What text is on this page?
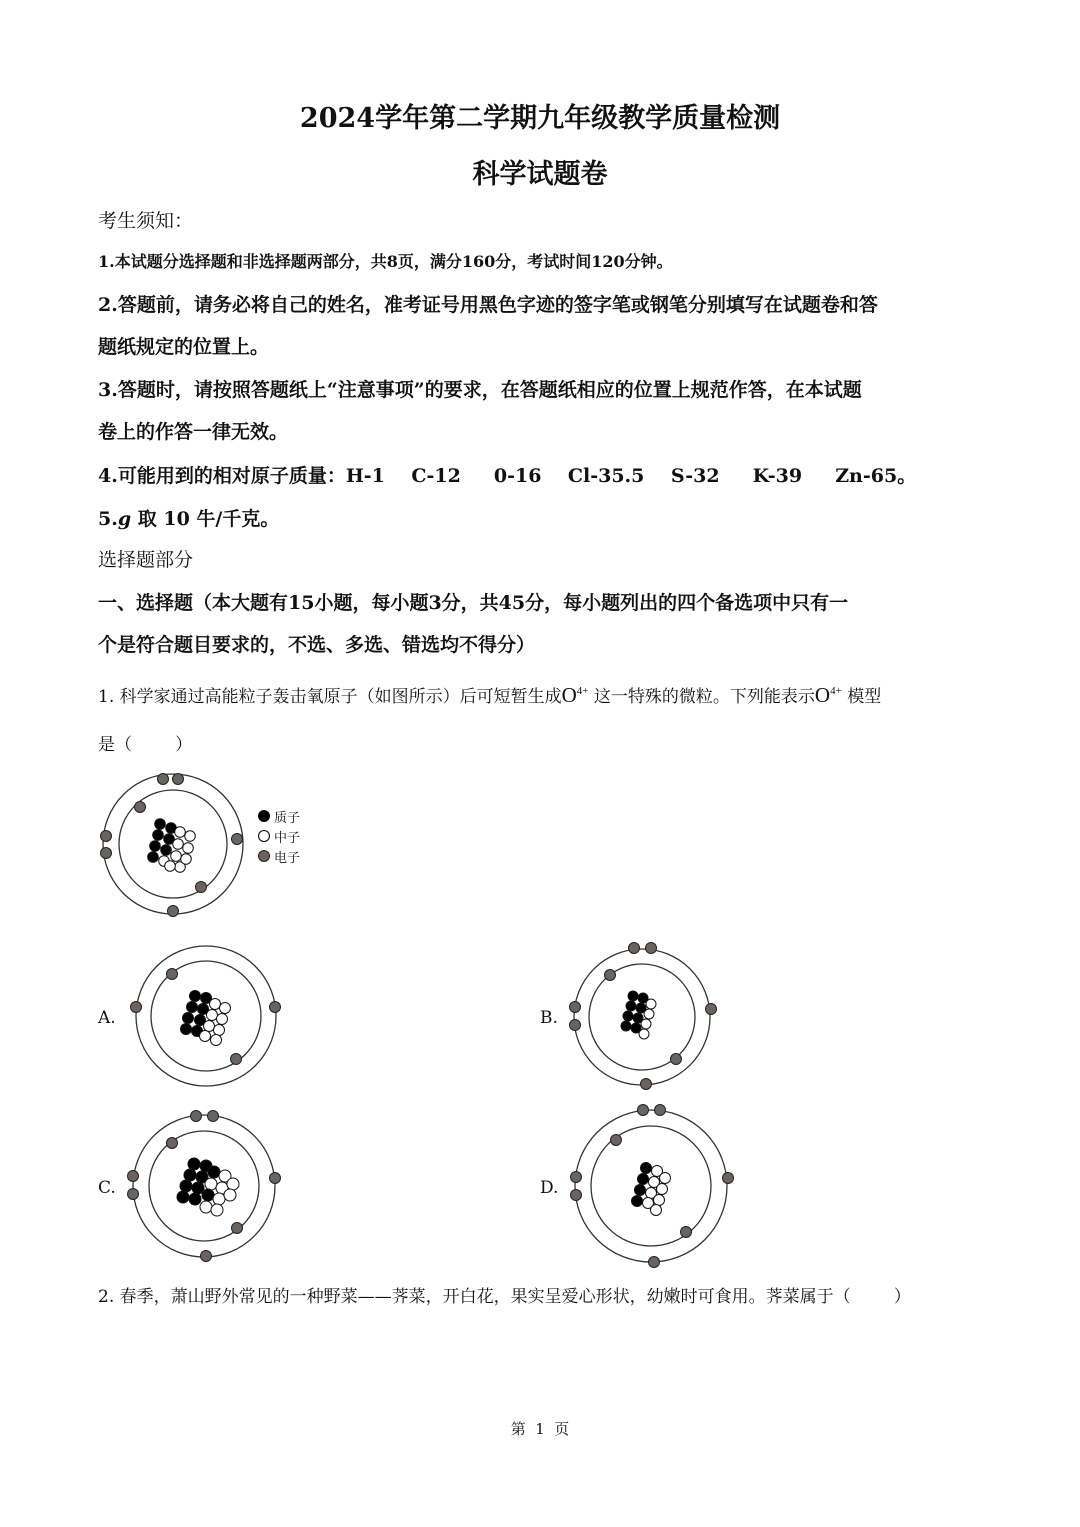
2024学年第二学期九年级教学质量检测
科学试题卷
考生须知：
1.本试题分选择题和非选择题两部分，共8页，满分160分，考试时间120分钟。
2.答题前，请务必将自己的姓名，准考证号用黑色字迹的签字笔或钢笔分别填写在试题卷和答
题纸规定的位置上。
3.答题时，请按照答题纸上“注意事项”的要求，在答题纸相应的位置上规范作答，在本试题
卷上的作答一律无效。
4.可能用到的相对原子质量：H-1    C-12     0-16    Cl-35.5    S-32     K-39     Zn-65。
5.g 取 10 牛/千克。
选择题部分
一、选择题（本大题有15小题，每小题3分，共45分，每小题列出的四个备选项中只有一
个是符合题目要求的，不选、多选、错选均不得分）
1. 科学家通过高能粒子轰击氧原子（如图所示）后可短暂生成$O^{4+}$ 这一特殊的微粒。下列能表示$O^{4+}$ 模型
是（        ）
质子
中子
电子
A.	B.
C.	D.
2. 春季，萧山野外常见的一种野菜——荠菜，开白花，果实呈爱心形状，幼嫩时可食用。荠菜属于（        ）
第  1  页
